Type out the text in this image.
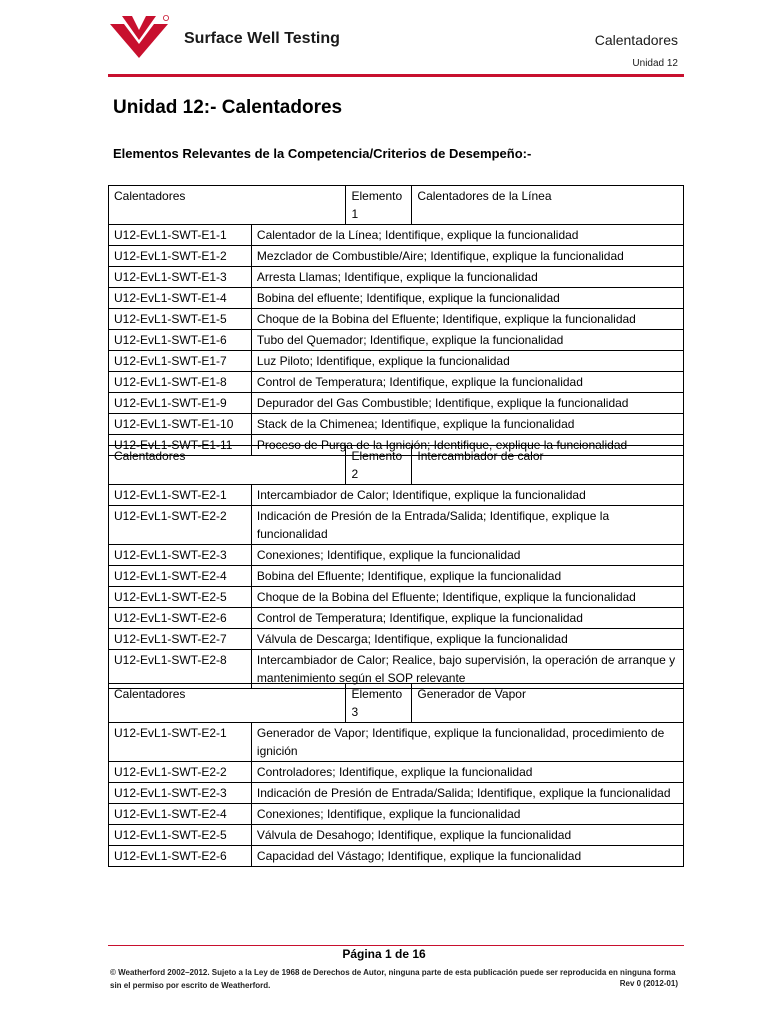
Surface Well Testing	Calentadores
Unidad 12
Unidad 12:- Calentadores
Elementos Relevantes de la Competencia/Criterios de Desempeño:-
Calentadores		Elemento 1	Calentadores de la Línea
U12-EvL1-SWT-E1-1	Calentador de la Línea; Identifique, explique la funcionalidad		
U12-EvL1-SWT-E1-2	Mezclador de Combustible/Aire; Identifique, explique la funcionalidad		
U12-EvL1-SWT-E1-3	Arresta Llamas; Identifique, explique la funcionalidad		
U12-EvL1-SWT-E1-4	Bobina del efluente; Identifique, explique la funcionalidad		
U12-EvL1-SWT-E1-5	Choque de la Bobina del Efluente; Identifique, explique la funcionalidad		
U12-EvL1-SWT-E1-6	Tubo del Quemador; Identifique, explique la funcionalidad		
U12-EvL1-SWT-E1-7	Luz Piloto; Identifique, explique la funcionalidad		
U12-EvL1-SWT-E1-8	Control de Temperatura; Identifique, explique la funcionalidad		
U12-EvL1-SWT-E1-9	Depurador del Gas Combustible; Identifique, explique la funcionalidad		
U12-EvL1-SWT-E1-10	Stack de la Chimenea; Identifique, explique la funcionalidad		
U12-EvL1-SWT-E1-11	Proceso de Purga de la Ignición; Identifique, explique la funcionalidad		
Calentadores		Elemento 2	Intercambiador de calor
U12-EvL1-SWT-E2-1	Intercambiador de Calor; Identifique, explique la funcionalidad		
U12-EvL1-SWT-E2-2	Indicación de Presión de la Entrada/Salida; Identifique, explique la funcionalidad		
U12-EvL1-SWT-E2-3	Conexiones; Identifique, explique la funcionalidad		
U12-EvL1-SWT-E2-4	Bobina del Efluente; Identifique, explique la funcionalidad		
U12-EvL1-SWT-E2-5	Choque de la Bobina del Efluente; Identifique, explique la funcionalidad		
U12-EvL1-SWT-E2-6	Control de Temperatura; Identifique, explique la funcionalidad		
U12-EvL1-SWT-E2-7	Válvula de Descarga; Identifique, explique la funcionalidad		
U12-EvL1-SWT-E2-8	Intercambiador de Calor; Realice, bajo supervisión, la operación de arranque y mantenimiento según el SOP relevante		
Calentadores		Elemento 3	Generador de Vapor
U12-EvL1-SWT-E2-1	Generador de Vapor; Identifique, explique la funcionalidad, procedimiento de ignición		
U12-EvL1-SWT-E2-2	Controladores; Identifique, explique la funcionalidad		
U12-EvL1-SWT-E2-3	Indicación de Presión de Entrada/Salida; Identifique, explique la funcionalidad		
U12-EvL1-SWT-E2-4	Conexiones; Identifique, explique la funcionalidad		
U12-EvL1-SWT-E2-5	Válvula de Desahogo; Identifique, explique la funcionalidad		
U12-EvL1-SWT-E2-6	Capacidad del Vástago; Identifique, explique la funcionalidad		
Página 1 de 16
© Weatherford 2002–2012. Sujeto a la Ley de 1968 de Derechos de Autor, ninguna parte de esta publicación puede ser reproducida en ninguna forma sin el permiso por escrito de Weatherford.	Rev 0 (2012-01)
